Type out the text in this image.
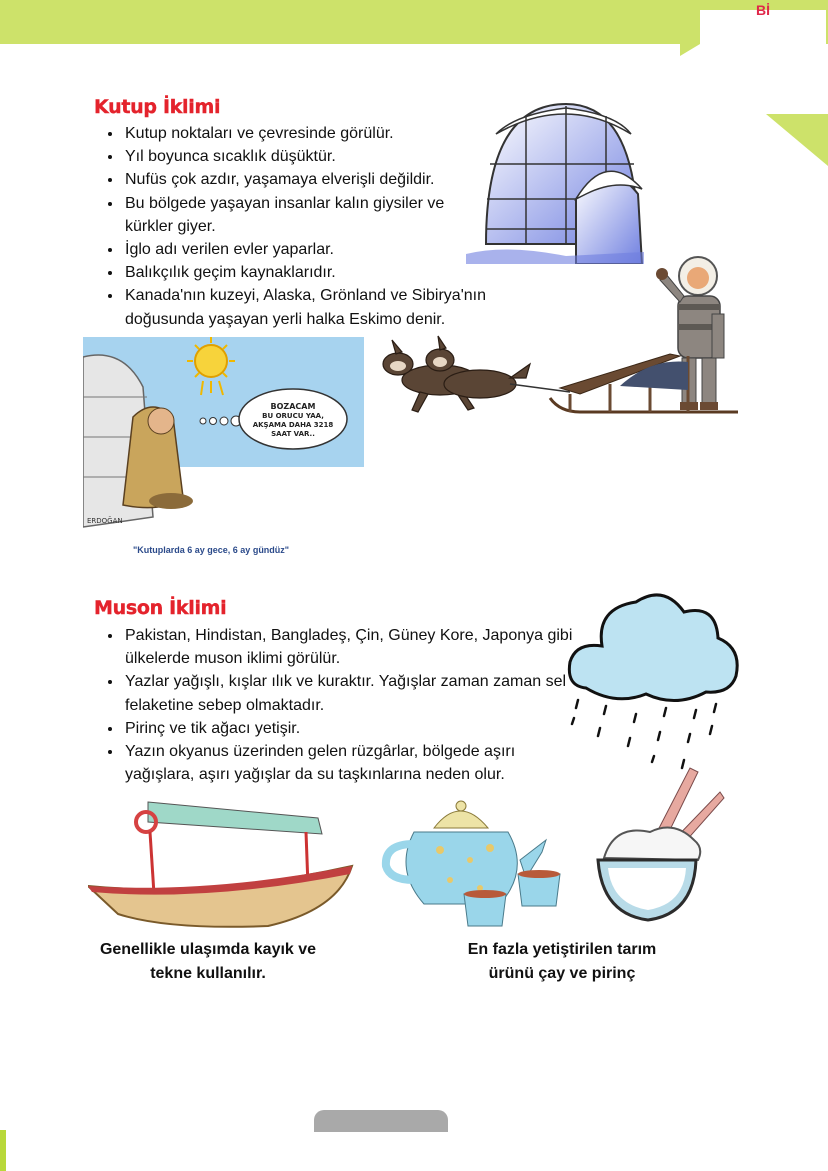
Bİ
Kutup İklimi
• Kutup noktaları ve çevresinde görülür.
• Yıl boyunca sıcaklık düşüktür.
• Nufüs çok azdır, yaşamaya elverişli değildir.
• Bu bölgede yaşayan insanlar kalın giysiler ve kürkler giyer.
• İglo adı verilen evler yaparlar.
• Balıkçılık geçim kaynaklarıdır.
• Kanada'nın kuzeyi, Alaska, Grönland ve Sibirya'nın doğusunda yaşayan yerli halka Eskimo denir.
BOZACAM
BU ORUCU YAA,
AKŞAMA DAHA 3218
SAAT VAR..
ERDOĞAN
"Kutuplarda 6 ay gece, 6 ay gündüz"
Muson İklimi
• Pakistan, Hindistan, Bangladeş, Çin, Güney Kore, Japonya gibi ülkelerde muson iklimi görülür.
• Yazlar yağışlı, kışlar ılık ve kuraktır. Yağışlar zaman zaman sel felaketine sebep olmaktadır.
• Pirinç ve tik ağacı yetişir.
• Yazın okyanus üzerinden gelen rüzgârlar, bölgede aşırı yağışlara, aşırı yağışlar da su taşkınlarına neden olur.
Genellikle ulaşımda kayık ve
tekne kullanılır.
En fazla yetiştirilen tarım
ürünü çay ve pirinç
